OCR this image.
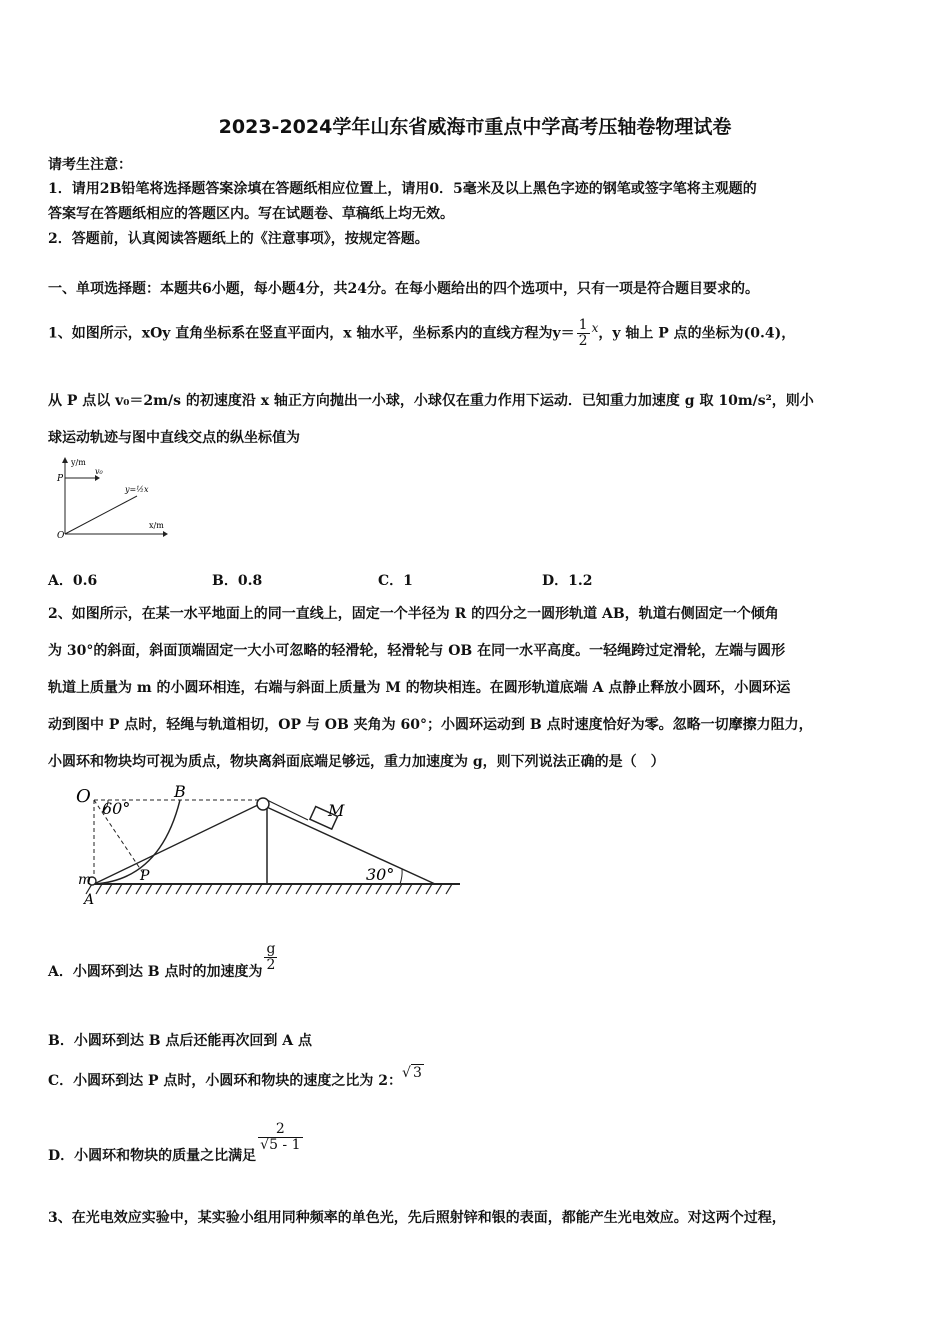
2023-2024学年山东省威海市重点中学高考压轴卷物理试卷
请考生注意：
1．请用2B铅笔将选择题答案涂填在答题纸相应位置上，请用0．5毫米及以上黑色字迹的钢笔或签字笔将主观题的
答案写在答题纸相应的答题区内。写在试题卷、草稿纸上均无效。
2．答题前，认真阅读答题纸上的《注意事项》，按规定答题。
一、单项选择题：本题共6小题，每小题4分，共24分。在每小题给出的四个选项中，只有一项是符合题目要求的。
1、如图所示，xOy 直角坐标系在竖直平面内，x 轴水平，坐标系内的直线方程为$y= \frac{1}{2}$ x，y 轴上 P 点的坐标为(0.4)，
从 P 点以 v₀＝2m/s 的初速度沿 x 轴正方向抛出一小球，小球仅在重力作用下运动．已知重力加速度 g 取 10m/s²，则小
球运动轨迹与图中直线交点的纵坐标值为
y/m
x/m
P
O
v₀
y=½x
A．0.6	B．0.8	C．1	D．1.2
2、如图所示，在某一水平地面上的同一直线上，固定一个半径为 R 的四分之一圆形轨道 AB，轨道右侧固定一个倾角
为 30°的斜面，斜面顶端固定一大小可忽略的轻滑轮，轻滑轮与 OB 在同一水平高度。一轻绳跨过定滑轮，左端与圆形
轨道上质量为 m 的小圆环相连，右端与斜面上质量为 M 的物块相连。在圆形轨道底端 A 点静止释放小圆环，小圆环运
动到图中 P 点时，轻绳与轨道相切，OP 与 OB 夹角为 60°；小圆环运动到 B 点时速度恰好为零。忽略一切摩擦力阻力，
小圆环和物块均可视为质点，物块离斜面底端足够远，重力加速度为 g，则下列说法正确的是（　）
O
60°
B
M
m
A
P	30°
A．小圆环到达 B 点时的加速度为 $\frac{g}{2}$
B．小圆环到达 B 点后还能再次回到 A 点
C．小圆环到达 P 点时，小圆环和物块的速度之比为 2：√ 3
D．小圆环和物块的质量之比满足
$\frac{2}{√5 - 1}$
3、在光电效应实验中，某实验小组用同种频率的单色光，先后照射锌和银的表面，都能产生光电效应。对这两个过程，
